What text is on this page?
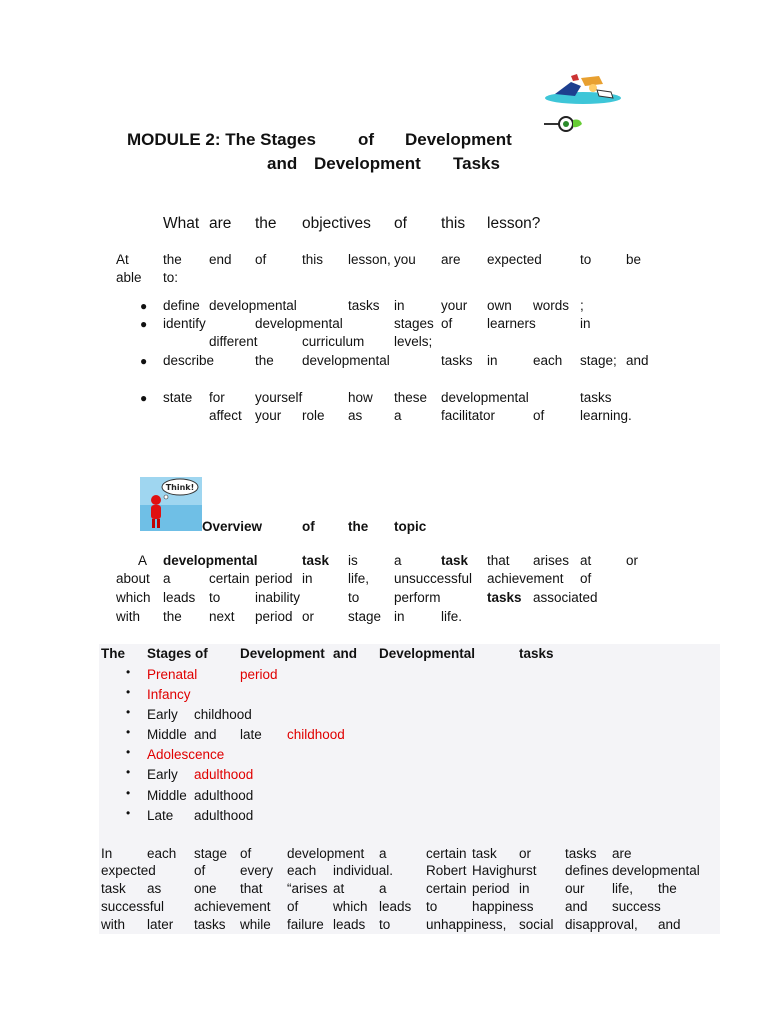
MODULE 2: The Stages of Development
and Development Tasks
What are the objectives of this lesson?
At	the end of	this lesson, you are expected	to	be
able to:
● define developmental	tasks in	your own words ;
● identify	developmental	stages of	learners	in
different	curriculum levels;
● describe	the developmental	tasks in	each stage; and
● state for yourself	how these developmental	tasks
affect your role as a	facilitator	of	learning.
Think!
Overview	of the topic
A developmental	task is	a	task that arises at	or
about a	certain period in	life, unsuccessful achievement of
which leads to	inability	to	perform	tasks associated
with the next period or	stage in	life.
The Stages of Development and Developmental	tasks
• Prenatal	period
• Infancy
• Early childhood
• Middle and late childhood
• Adolescence
• Early adulthood
• Middle adulthood
• Late adulthood
In	each stage of	development a	certain task or	tasks are
expected	of	every each individual. Robert Havighurst defines developmental
task as one that “arises at	a	certain period in	our life, the
successful achievement of	which leads to	happiness and success
with later tasks while failure leads to	unhappiness, social disapproval, and
